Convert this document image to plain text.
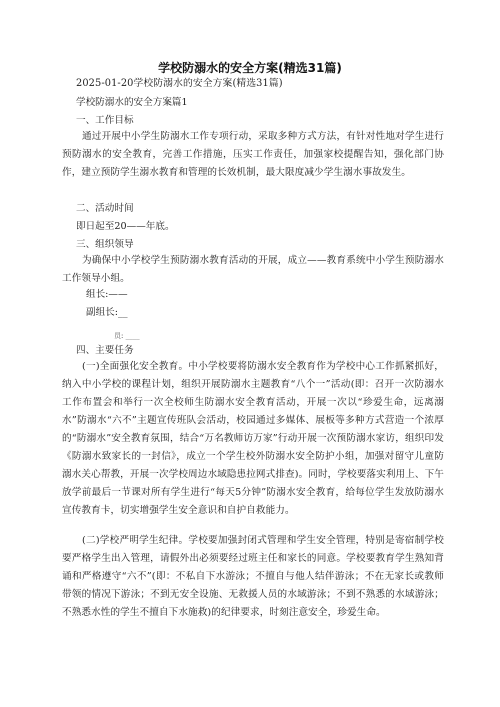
学校防溺水的安全方案(精选31篇)
2025-01-20学校防溺水的安全方案(精选31篇)
学校防溺水的安全方案篇1
一、工作目标
通过开展中小学生防溺水工作专项行动，采取多种方式方法，有针对性地对学生进行预防溺水的安全教育，完善工作措施，压实工作责任，加强家校提醒告知，强化部门协作，建立预防学生溺水教育和管理的长效机制，最大限度减少学生溺水事故发生。
二、活动时间
即日起至20——年底。
三、组织领导
为确保中小学校学生预防溺水教育活动的开展，成立——教育系统中小学生预防溺水工作领导小组。
组长:——
副组长:__
员: ____
四、主要任务
(一)全面强化安全教育。中小学校要将防溺水安全教育作为学校中心工作抓紧抓好，纳入中小学校的课程计划，组织开展防溺水主题教育“八个一”活动(即：召开一次防溺水工作布置会和举行一次全校师生防溺水安全教育活动，开展一次以“珍爱生命，远离溺水”防溺水“六不”主题宣传班队会活动，校园通过多媒体、展板等多种方式营造一个浓厚的“防溺水”安全教育氛围，结合“万名教师访万家”行动开展一次预防溺水家访，组织印发《防溺水致家长的一封信》，成立一个学生校外防溺水安全防护小组，加强对留守儿童防溺水关心帮教，开展一次学校周边水域隐患拉网式排查)。同时，学校要落实利用上、下午放学前最后一节课对所有学生进行“每天5分钟”防溺水安全教育，给每位学生发放防溺水宣传教育卡，切实增强学生安全意识和自护自救能力。
(二)学校严明学生纪律。学校要加强封闭式管理和学生安全管理，特别是寄宿制学校要严格学生出入管理，请假外出必须要经过班主任和家长的同意。学校要教育学生熟知背诵和严格遵守“六不”(即：不私自下水游泳；不擅自与他人结伴游泳；不在无家长或教师带领的情况下游泳；不到无安全设施、无救援人员的水域游泳；不到不熟悉的水域游泳；不熟悉水性的学生不擅自下水施救)的纪律要求，时刻注意安全，珍爱生命。
